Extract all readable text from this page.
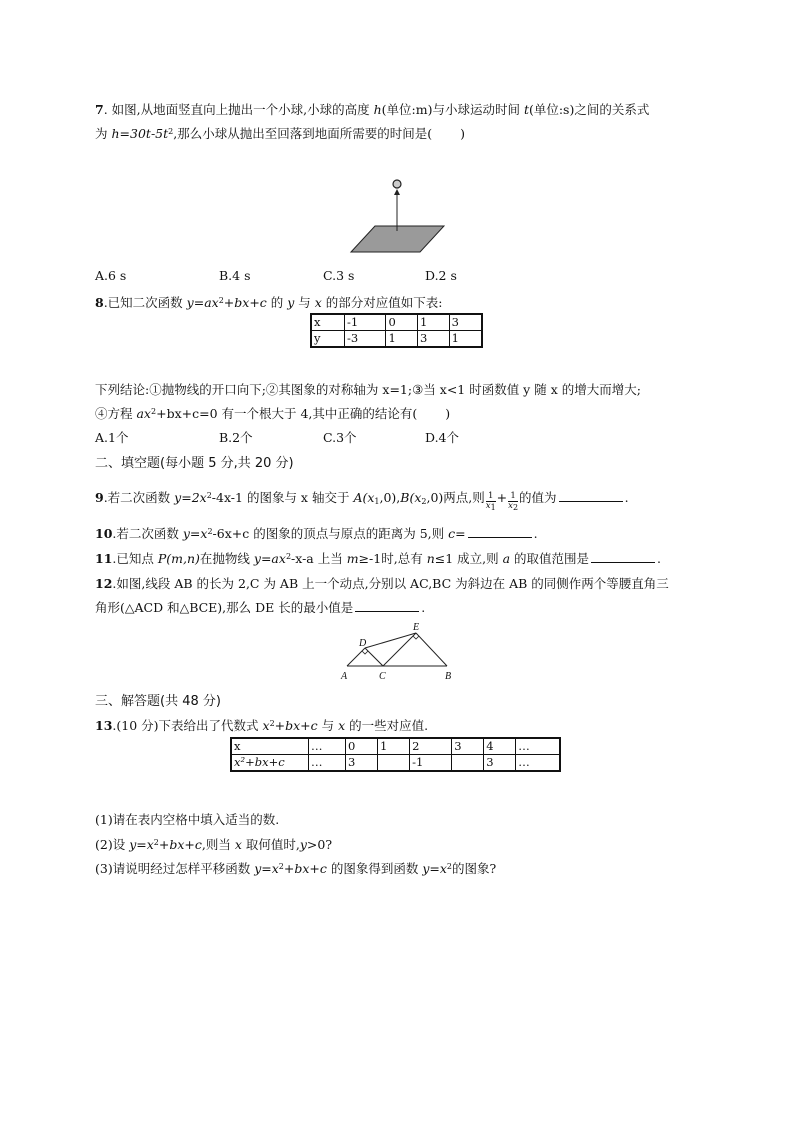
7. 如图,从地面竖直向上抛出一个小球,小球的高度 h(单位:m)与小球运动时间 t(单位:s)之间的关系式
为 $h=30t-5t^2$,那么小球从抛出至回落到地面所需要的时间是( )
A.6 s	B.4 s	C.3 s	D.2 s
8.已知二次函数 $y=ax^2+bx+c$ 的 y 与 x 的部分对应值如下表:
x	-1	0	1	3
y	-3	1	3	1
下列结论:①抛物线的开口向下;②其图象的对称轴为 x=1;③当 x<1 时函数值 y 随 x 的增大而增大;
④方程 $ax^2+bx+c=0$ 有一个根大于 4,其中正确的结论有( )
A.1个	B.2个	C.3个	D.4个
二、填空题(每小题 5 分,共 20 分)
9.若二次函数 $y=2x^2-4x-1$ 的图象与 x 轴交于 $A(x_1,0),B(x_2,0)$两点,则 $\frac{1}{x_1} + \frac{1}{x_2}$ 的值为	.
10.若二次函数 $y=x^2-6x+c$ 的图象的顶点与原点的距离为 5,则 c=	.
11.已知点 P(m,n)在抛物线 $y=ax^2-x-a$ 上当 m≥-1时,总有 n≤1 成立,则 a 的取值范围是	.
12.如图,线段 AB 的长为 2,C 为 AB 上一个动点,分别以 AC,BC 为斜边在 AB 的同侧作两个等腰直角三
角形(△ACD 和△BCE),那么 DE 长的最小值是	.
D
E
A	C	B
三、解答题(共 48 分)
13.(10 分)下表给出了代数式 $x^2+bx+c$ 与 x 的一些对应值.
x	…	0	1	2	3	4	…
x²+bx+c	…	3		-1		3	…
(1)请在表内空格中填入适当的数.
(2)设 $y=x^2+bx+c$,则当 x 取何值时,y>0?
(3)请说明经过怎样平移函数 $y=x^2+bx+c$ 的图象得到函数 $y=x^2$的图象?
